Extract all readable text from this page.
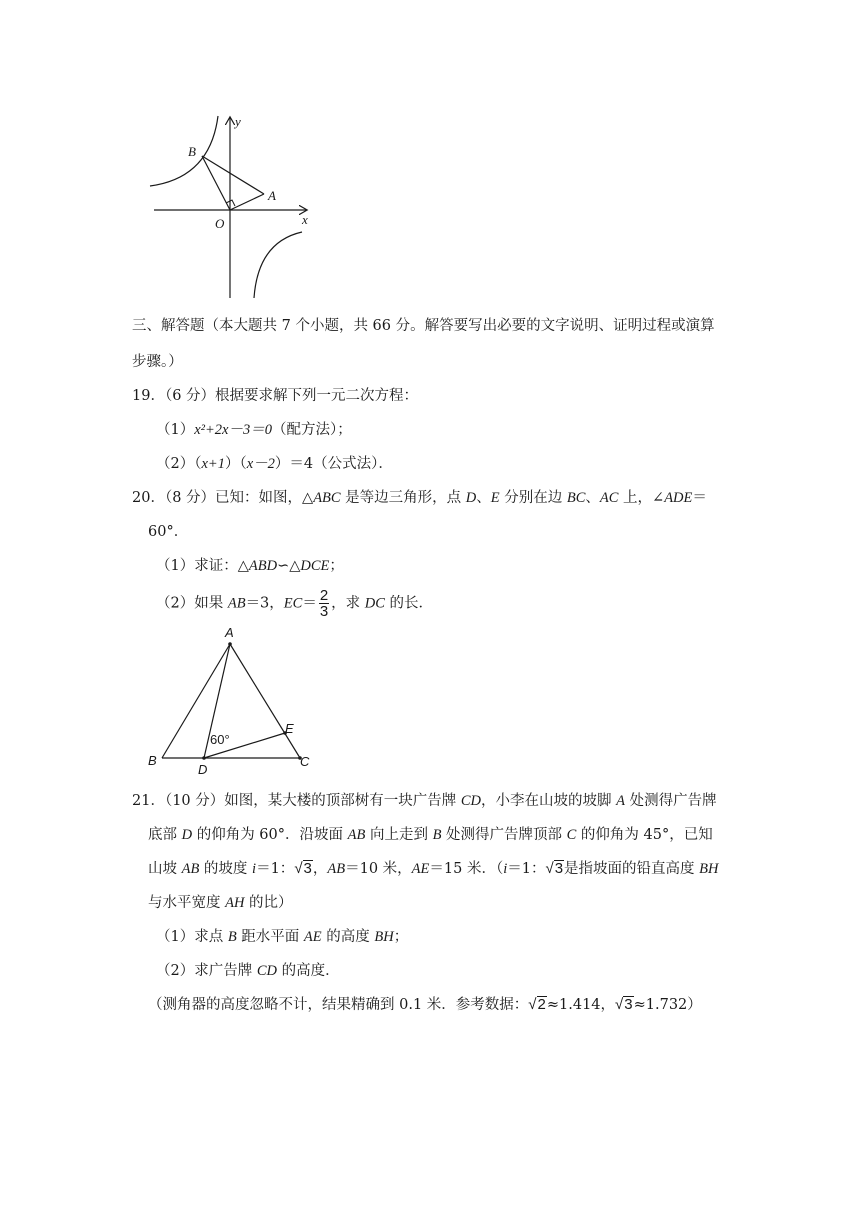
y
x
O
B
A
三、解答题（本大题共 7 个小题，共 66 分。解答要写出必要的文字说明、证明过程或演算
步骤。）
19．（6 分）根据要求解下列一元二次方程：
（1）x²+2x－3＝0（配方法）；
（2）（x+1）（x－2）＝4（公式法）．
20．（8 分）已知：如图，△ABC 是等边三角形，点 D、E 分别在边 BC、AC 上，∠ADE＝
60°．
（1）求证：△ABD∽△DCE；
（2）如果 AB＝3，$EC= \frac{2}{3}$ ，求 DC 的长．
A
B	C
D
E
60°
21．（10 分）如图，某大楼的顶部树有一块广告牌 CD，小李在山坡的坡脚 A 处测得广告牌
底部 D 的仰角为 60°．沿坡面 AB 向上走到 B 处测得广告牌顶部 C 的仰角为 45°，已知
山坡 AB 的坡度 i＝1：√3，AB＝10 米，AE＝15 米．（i＝1：√3是指坡面的铅直高度 BH
与水平宽度 AH 的比）
（1）求点 B 距水平面 AE 的高度 BH；
（2）求广告牌 CD 的高度．
（测角器的高度忽略不计，结果精确到 0.1 米．参考数据：√2≈1.414，√3≈1.732）
